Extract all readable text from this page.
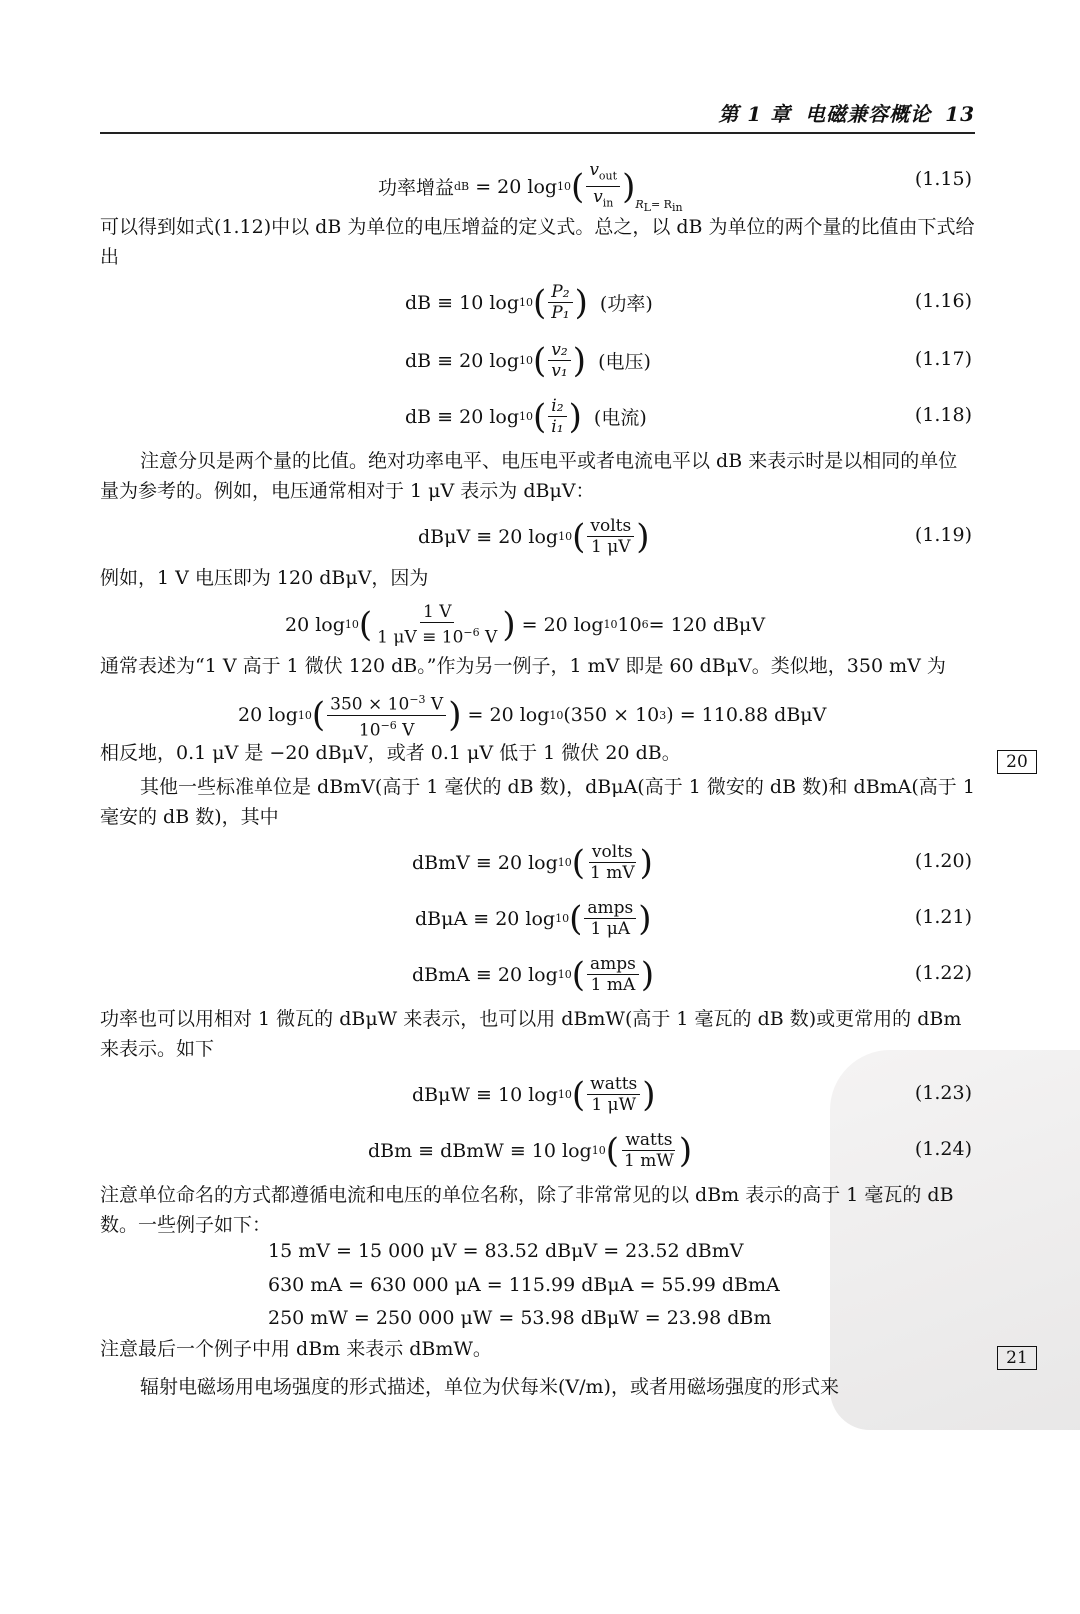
第 1 章 电磁兼容概论 13
功率增益 dB
= 20 log 10 ( $\frac{v_{out}}{v_{in}}$ ) $R_L= R_{in}$
(1.15)
可以得到如式(1.12)中以 dB 为单位的电压增益的定义式。总之，以 dB 为单位的两个量的比值由下式给出
dB ≡ 10 log 10 ( $\frac{\text{P₂}}{\text{P₁}}$ )
(功率)	(1.16)
dB ≡ 20 log 10 ( $\frac{\text{v₂}}{\text{v₁}}$ )
(电压)	(1.17)
dB ≡ 20 log 10 ( $\frac{\text{i₂}}{\text{i₁}}$ )
(电流)	(1.18)
注意分贝是两个量的比值。绝对功率电平、电压电平或者电流电平以 dB 来表示时是以相同的单位量为参考的。例如，电压通常相对于 1 μV 表示为 dBμV：
dBμV ≡ 20 log 10 ( $\frac{\text{volts}}{1 \mu V}$ )	(1.19)
例如，1 V 电压即为 120 dBμV，因为
20 log 10 ( $\frac{1 V}{1 \mu V \equiv 10^{-6} V}$ )
= 20 log 10 10 6 = 120 dBμV
通常表述为“1 V 高于 1 微伏 120 dB。”作为另一例子，1 mV 即是 60 dBμV。类似地，350 mV 为
20 log 10 ( $\frac{350 \times 10^{-3} V}{10^{-6} V}$ )
= 20 log 10 (350 × 10 3 ) = 110.88 dBμV
相反地，0.1 μV 是 −20 dBμV，或者 0.1 μV 低于 1 微伏 20 dB。	20
其他一些标准单位是 dBmV(高于 1 毫伏的 dB 数)，dBμA(高于 1 微安的 dB 数)和 dBmA(高于 1 毫安的 dB 数)，其中
dBmV ≡ 20 log 10 ( $\frac{\text{volts}}{1 mV}$ )	(1.20)
dBμA ≡ 20 log 10 ( $\frac{\text{amps}}{1 \mu A}$ )	(1.21)
dBmA ≡ 20 log 10 ( $\frac{\text{amps}}{1 mA}$ )	(1.22)
功率也可以用相对 1 微瓦的 dBμW 来表示，也可以用 dBmW(高于 1 毫瓦的 dB 数)或更常用的 dBm 来表示。如下
dBμW ≡ 10 log 10 ( $\frac{\text{watts}}{1 \mu W}$ )	(1.23)
dBm ≡ dBmW ≡ 10 log 10 ( $\frac{\text{watts}}{1 mW}$ )	(1.24)
注意单位命名的方式都遵循电流和电压的单位名称，除了非常常见的以 dBm 表示的高于 1 毫瓦的 dB 数。一些例子如下：
15 mV = 15 000 μV = 83.52 dBμV = 23.52 dBmV
630 mA = 630 000 μA = 115.99 dBμA = 55.99 dBmA
250 mW = 250 000 μW = 53.98 dBμW = 23.98 dBm
注意最后一个例子中用 dBm 来表示 dBmW。	21
辐射电磁场用电场强度的形式描述，单位为伏每米(V/m)，或者用磁场强度的形式来
